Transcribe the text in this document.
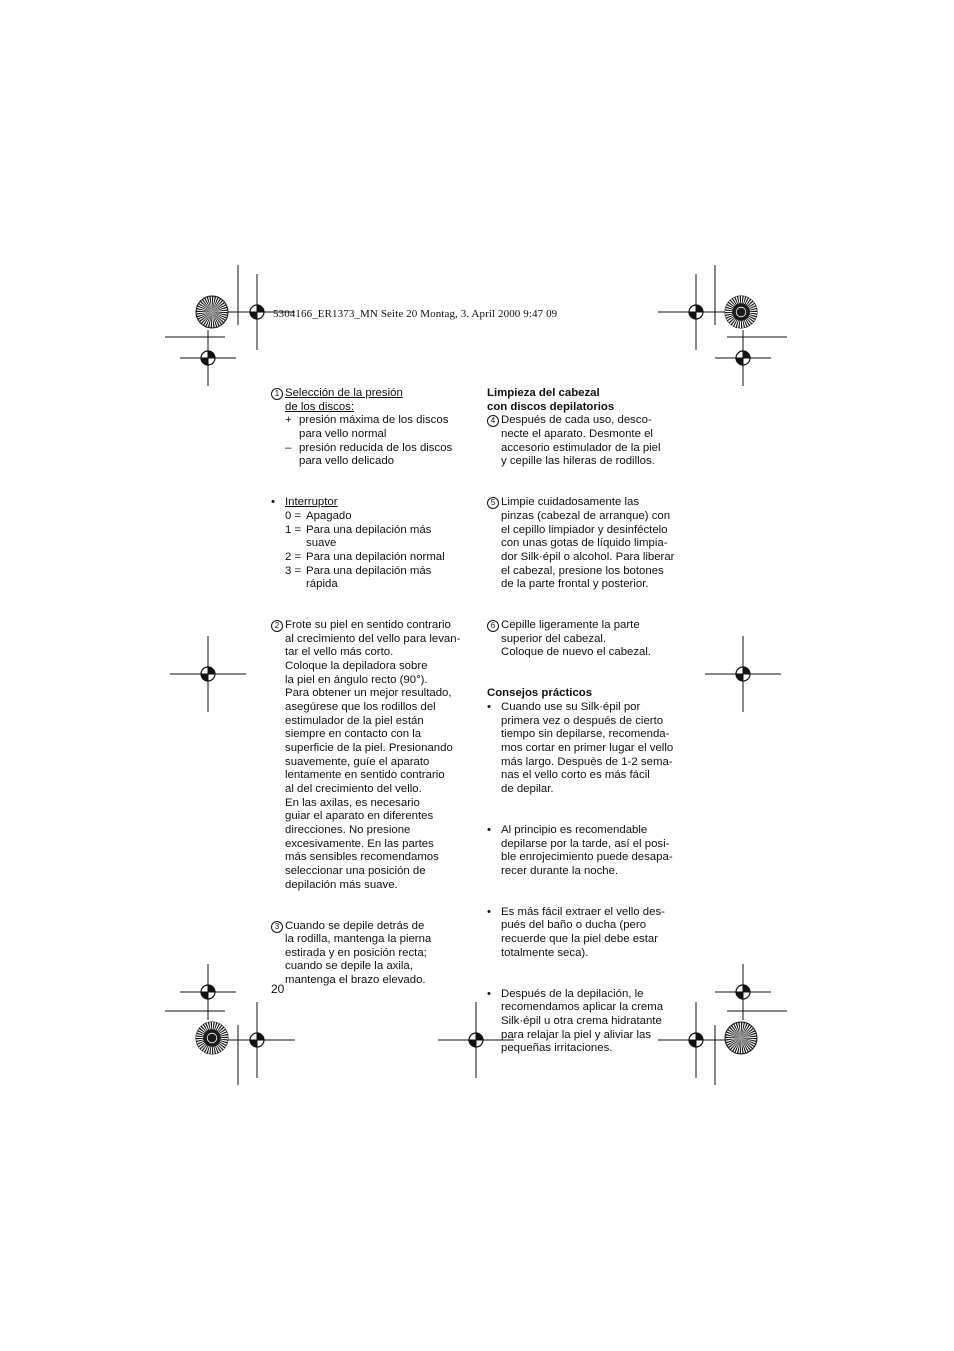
5304166_ER1373_MN Seite 20 Montag, 3. April 2000 9:47 09
1 Selección de la presión
de los discos:
+ presión máxima de los discos
para vello normal
– presión reducida de los discos
para vello delicado
• Interruptor
0 = Apagado
1 = Para una depilación más
suave
2 = Para una depilación normal
3 = Para una depilación más
rápida
2 Frote su piel en sentido contrario
al crecimiento del vello para levan-
tar el vello más corto.
Coloque la depiladora sobre
la piel en ángulo recto (90°).
Para obtener un mejor resultado,
asegúrese que los rodillos del
estimulador de la piel están
siempre en contacto con la
superficie de la piel. Presionando
suavemente, guíe el aparato
lentamente en sentido contrario
al del crecimiento del vello.
En las axilas, es necesario
guiar el aparato en diferentes
direcciones. No presione
excesivamente. En las partes
más sensibles recomendamos
seleccionar una posición de
depilación más suave.
3 Cuando se depile detrás de
la rodilla, mantenga la pierna
estirada y en posición recta;
cuando se depile la axila,
mantenga el brazo elevado.
20
Limpieza del cabezal
con discos depilatorios
4 Después de cada uso, desco-
necte el aparato. Desmonte el
accesorio estimulador de la piel
y cepille las hileras de rodillos.
5 Limpie cuidadosamente las
pinzas (cabezal de arranque) con
el cepillo limpiador y desinféctelo
con unas gotas de líquido limpia-
dor Silk·épil o alcohol. Para liberar
el cabezal, presione los botones
de la parte frontal y posterior.
6 Cepille ligeramente la parte
superior del cabezal.
Coloque de nuevo el cabezal.
Consejos prácticos
• Cuando use su Silk·épil por
primera vez o después de cierto
tiempo sin depilarse, recomenda-
mos cortar en primer lugar el vello
más largo. Despuès de 1-2 sema-
nas el vello corto es más fácil
de depilar.
• Al principio es recomendable
depilarse por la tarde, así el posi-
ble enrojecimiento puede desapa-
recer durante la noche.
• Es más fácil extraer el vello des-
pués del baño o ducha (pero
recuerde que la piel debe estar
totalmente seca).
• Después de la depilación, le
recomendamos aplicar la crema
Silk·épil u otra crema hidratante
para relajar la piel y aliviar las
pequeñas irritaciones.
